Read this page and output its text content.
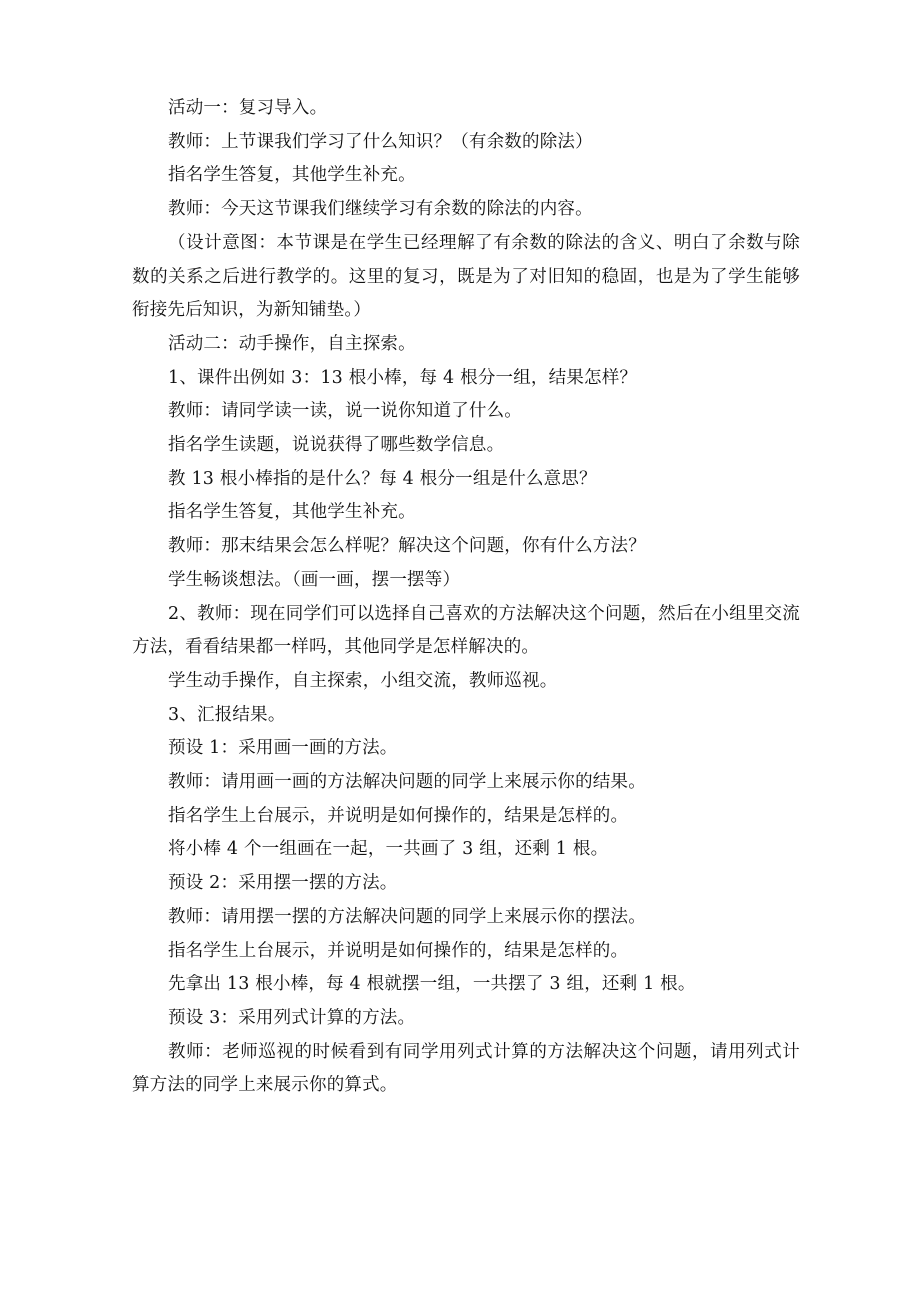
活动一：复习导入。

教师：上节课我们学习了什么知识？（有余数的除法）

指名学生答复，其他学生补充。

教师：今天这节课我们继续学习有余数的除法的内容。

（设计意图：本节课是在学生已经理解了有余数的除法的含义、明白了余数与除数的关系之后进行教学的。这里的复习，既是为了对旧知的稳固，也是为了学生能够衔接先后知识，为新知铺垫。）

活动二：动手操作，自主探索。

1、课件出例如 3：13 根小棒，每 4 根分一组，结果怎样？

教师：请同学读一读，说一说你知道了什么。

指名学生读题，说说获得了哪些数学信息。

教 13 根小棒指的是什么？每 4 根分一组是什么意思？

指名学生答复，其他学生补充。

教师：那末结果会怎么样呢？解决这个问题，你有什么方法？

学生畅谈想法。（画一画，摆一摆等）

2、教师：现在同学们可以选择自己喜欢的方法解决这个问题，然后在小组里交流方法，看看结果都一样吗，其他同学是怎样解决的。

学生动手操作，自主探索，小组交流，教师巡视。

3、汇报结果。

预设 1：采用画一画的方法。

教师：请用画一画的方法解决问题的同学上来展示你的结果。

指名学生上台展示，并说明是如何操作的，结果是怎样的。

将小棒 4 个一组画在一起，一共画了 3 组，还剩 1 根。

预设 2：采用摆一摆的方法。

教师：请用摆一摆的方法解决问题的同学上来展示你的摆法。

指名学生上台展示，并说明是如何操作的，结果是怎样的。

先拿出 13 根小棒，每 4 根就摆一组，一共摆了 3 组，还剩 1 根。

预设 3：采用列式计算的方法。

教师：老师巡视的时候看到有同学用列式计算的方法解决这个问题，请用列式计算方法的同学上来展示你的算式。
